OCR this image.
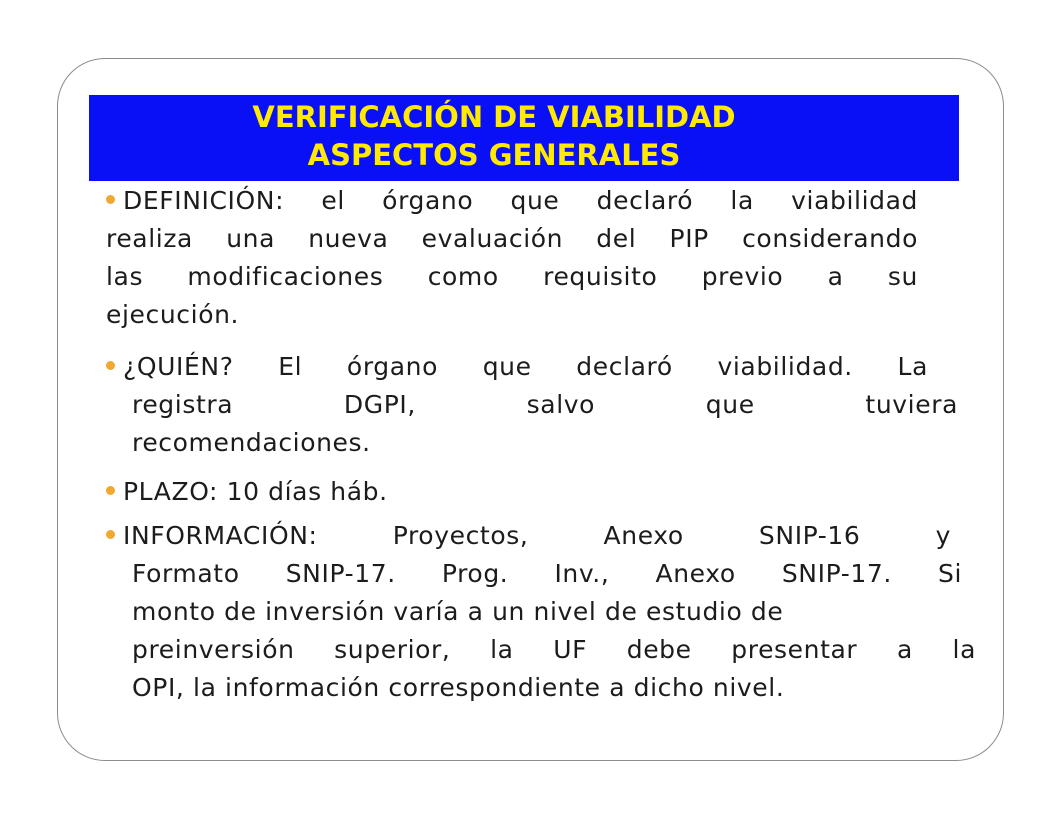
VERIFICACIÓN DE VIABILIDAD
ASPECTOS GENERALES
DEFINICIÓN: el órgano que declaró la viabilidad
realiza una nueva evaluación del PIP considerando
las modificaciones como requisito previo a su
ejecución.
¿QUIÉN? El órgano que declaró viabilidad. La
registra DGPI, salvo que tuviera
recomendaciones.
PLAZO: 10 días háb.
INFORMACIÓN: Proyectos, Anexo SNIP-16 y
Formato SNIP-17. Prog. Inv., Anexo SNIP-17. Si
monto de inversión varía a un nivel de estudio de
preinversión superior, la UF debe presentar a la
OPI, la información correspondiente a dicho nivel.
